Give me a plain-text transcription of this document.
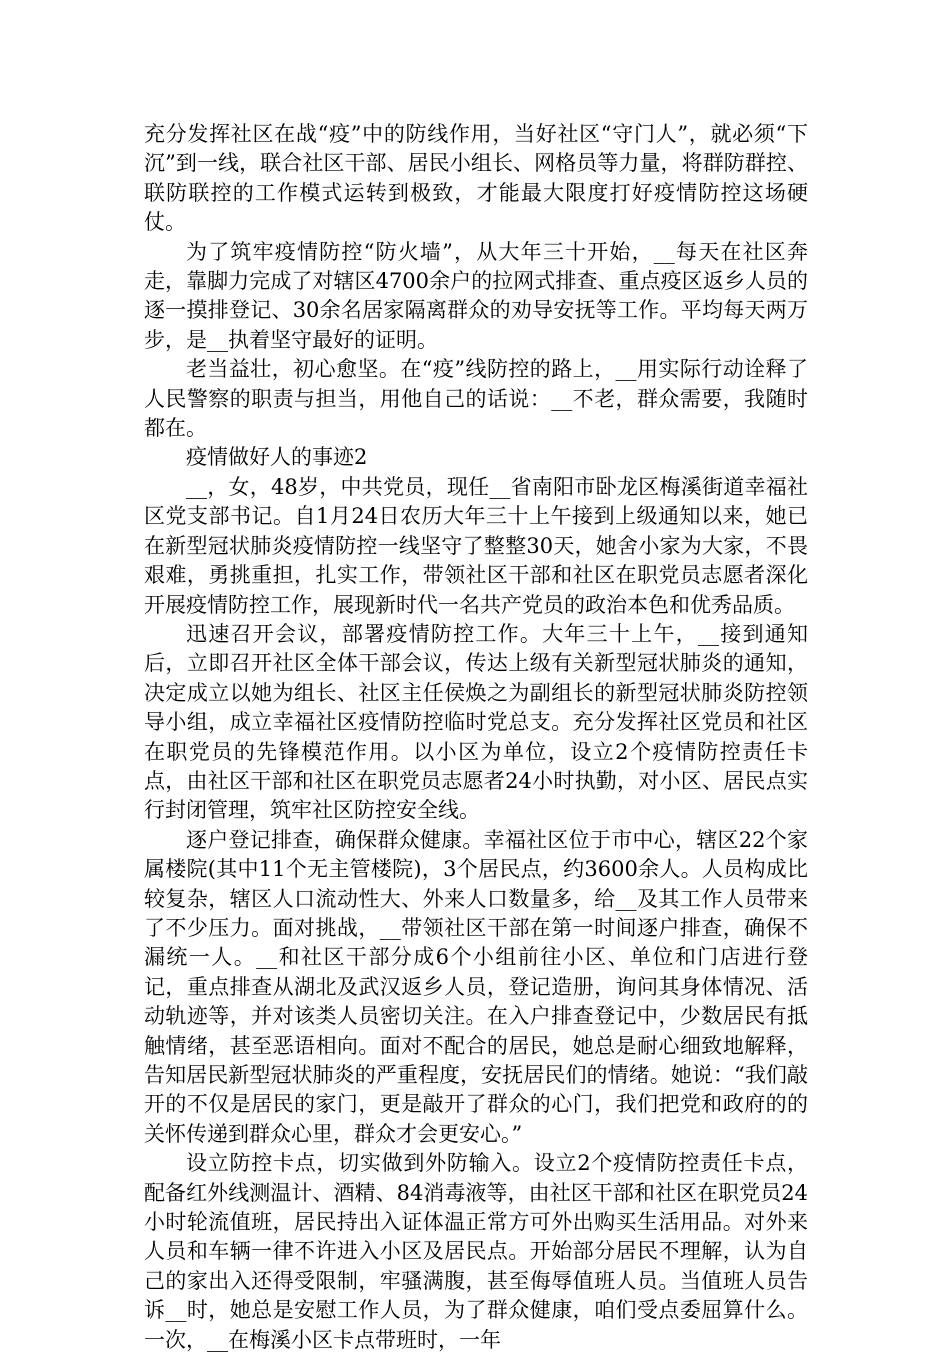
充分发挥社区在战“疫”中的防线作用，当好社区“守门人”，就必须“下沉”到一线，联合社区干部、居民小组长、网格员等力量，将群防群控、联防联控的工作模式运转到极致，才能最大限度打好疫情防控这场硬仗。

为了筑牢疫情防控“防火墙”，从大年三十开始，__每天在社区奔走，靠脚力完成了对辖区4700余户的拉网式排查、重点疫区返乡人员的逐一摸排登记、30余名居家隔离群众的劝导安抚等工作。平均每天两万步，是__执着坚守最好的证明。

老当益壮，初心愈坚。在“疫”线防控的路上，__用实际行动诠释了人民警察的职责与担当，用他自己的话说：__不老，群众需要，我随时都在。

疫情做好人的事迹2

__，女，48岁，中共党员，现任__省南阳市卧龙区梅溪街道幸福社区党支部书记。自1月24日农历大年三十上午接到上级通知以来，她已在新型冠状肺炎疫情防控一线坚守了整整30天，她舍小家为大家，不畏艰难，勇挑重担，扎实工作，带领社区干部和社区在职党员志愿者深化开展疫情防控工作，展现新时代一名共产党员的政治本色和优秀品质。

迅速召开会议，部署疫情防控工作。大年三十上午，__接到通知后，立即召开社区全体干部会议，传达上级有关新型冠状肺炎的通知，决定成立以她为组长、社区主任侯焕之为副组长的新型冠状肺炎防控领导小组，成立幸福社区疫情防控临时党总支。充分发挥社区党员和社区在职党员的先锋模范作用。以小区为单位，设立2个疫情防控责任卡点，由社区干部和社区在职党员志愿者24小时执勤，对小区、居民点实行封闭管理，筑牢社区防控安全线。

逐户登记排查，确保群众健康。幸福社区位于市中心，辖区22个家属楼院(其中11个无主管楼院)，3个居民点，约3600余人。人员构成比较复杂，辖区人口流动性大、外来人口数量多，给__及其工作人员带来了不少压力。面对挑战，__带领社区干部在第一时间逐户排查，确保不漏统一人。__和社区干部分成6个小组前往小区、单位和门店进行登记，重点排查从湖北及武汉返乡人员，登记造册，询问其身体情况、活动轨迹等，并对该类人员密切关注。在入户排查登记中，少数居民有抵触情绪，甚至恶语相向。面对不配合的居民，她总是耐心细致地解释，告知居民新型冠状肺炎的严重程度，安抚居民们的情绪。她说：“我们敲开的不仅是居民的家门，更是敲开了群众的心门，我们把党和政府的的关怀传递到群众心里，群众才会更安心。”

设立防控卡点，切实做到外防输入。设立2个疫情防控责任卡点，配备红外线测温计、酒精、84消毒液等，由社区干部和社区在职党员24小时轮流值班，居民持出入证体温正常方可外出购买生活用品。对外来人员和车辆一律不许进入小区及居民点。开始部分居民不理解，认为自己的家出入还得受限制，牢骚满腹，甚至侮辱值班人员。当值班人员告诉__时，她总是安慰工作人员，为了群众健康，咱们受点委屈算什么。一次，__在梅溪小区卡点带班时，一年
